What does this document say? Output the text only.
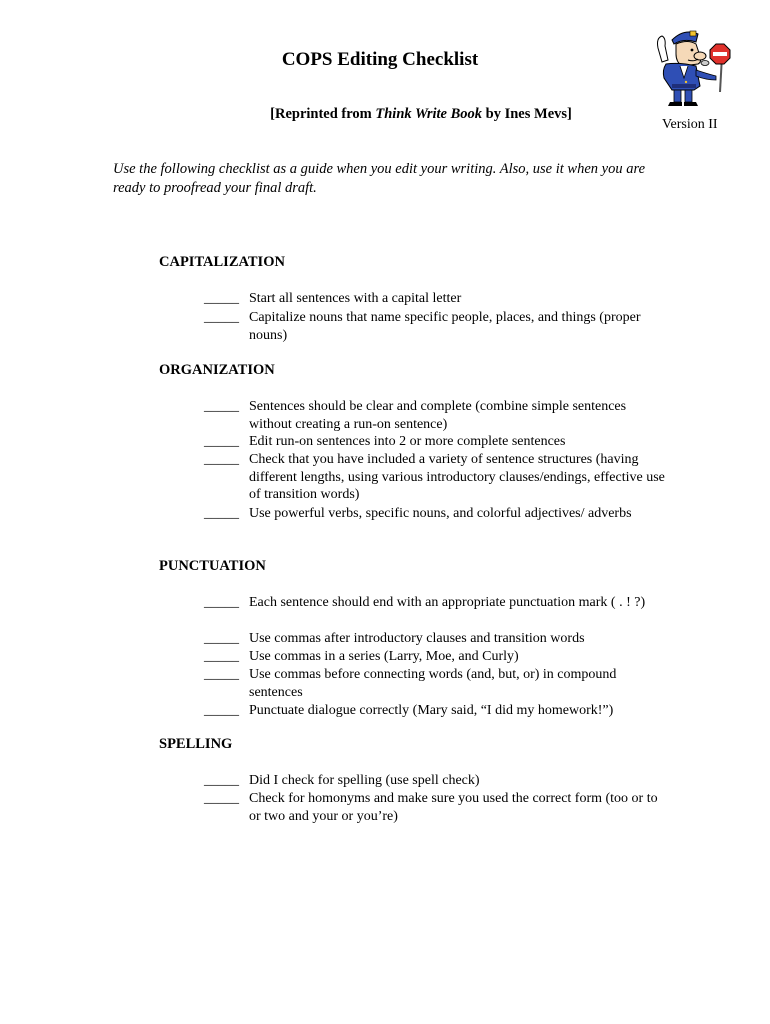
COPS Editing Checklist
[Reprinted from Think Write Book by Ines Mevs]
Version II
Use the following checklist as a guide when you edit your writing. Also, use it when you are ready to proofread your final draft.
CAPITALIZATION
_____ Start all sentences with a capital letter
_____ Capitalize nouns that name specific people, places, and things (proper nouns)
ORGANIZATION
_____ Sentences should be clear and complete (combine simple sentences without creating a run-on sentence)
_____ Edit run-on sentences into 2 or more complete sentences
_____ Check that you have included a variety of sentence structures (having different lengths, using various introductory clauses/endings, effective use of transition words)
_____ Use powerful verbs, specific nouns, and colorful adjectives/ adverbs
PUNCTUATION
_____ Each sentence should end with an appropriate punctuation mark ( . ! ?)
_____ Use commas after introductory clauses and transition words
_____ Use commas in a series (Larry, Moe, and Curly)
_____ Use commas before connecting words (and, but, or) in compound sentences
_____ Punctuate dialogue correctly (Mary said, “I did my homework!”)
SPELLING
_____ Did I check for spelling (use spell check)
_____ Check for homonyms and make sure you used the correct form (too or to or two and your or you’re)
